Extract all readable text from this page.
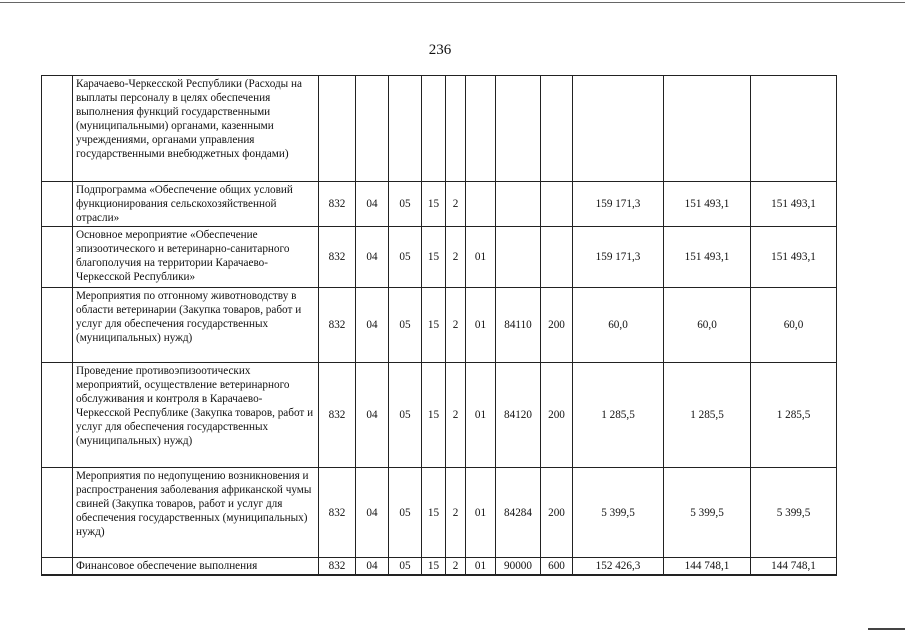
236
	Карачаево-Черкесской Республики (Расходы на выплаты персоналу в целях обеспечения выполнения функций государственными (муниципальными) органами, казенными учреждениями, органами управления государственными внебюджетных фондами)											
	Подпрограмма «Обеспечение общих условий функционирования сельскохозяйственной отрасли»	832	04	05	15	2				159 171,3	151 493,1	151 493,1
	Основное мероприятие «Обеспечение эпизоотического и ветеринарно-санитарного благополучия на территории Карачаево-Черкесской Республики»	832	04	05	15	2	01			159 171,3	151 493,1	151 493,1
	Мероприятия по отгонному животноводству в области ветеринарии (Закупка товаров, работ и услуг для обеспечения государственных (муниципальных) нужд)	832	04	05	15	2	01	84110	200	60,0	60,0	60,0
	Проведение противоэпизоотических мероприятий, осуществление ветеринарного обслуживания и контроля в Карачаево-Черкесской Республике (Закупка товаров, работ и услуг для обеспечения государственных (муниципальных) нужд)	832	04	05	15	2	01	84120	200	1 285,5	1 285,5	1 285,5
	Мероприятия по недопущению возникновения и распространения заболевания африканской чумы свиней (Закупка товаров, работ и услуг для обеспечения государственных (муниципальных) нужд)	832	04	05	15	2	01	84284	200	5 399,5	5 399,5	5 399,5
	Финансовое обеспечение выполнения	832	04	05	15	2	01	90000	600	152 426,3	144 748,1	144 748,1
